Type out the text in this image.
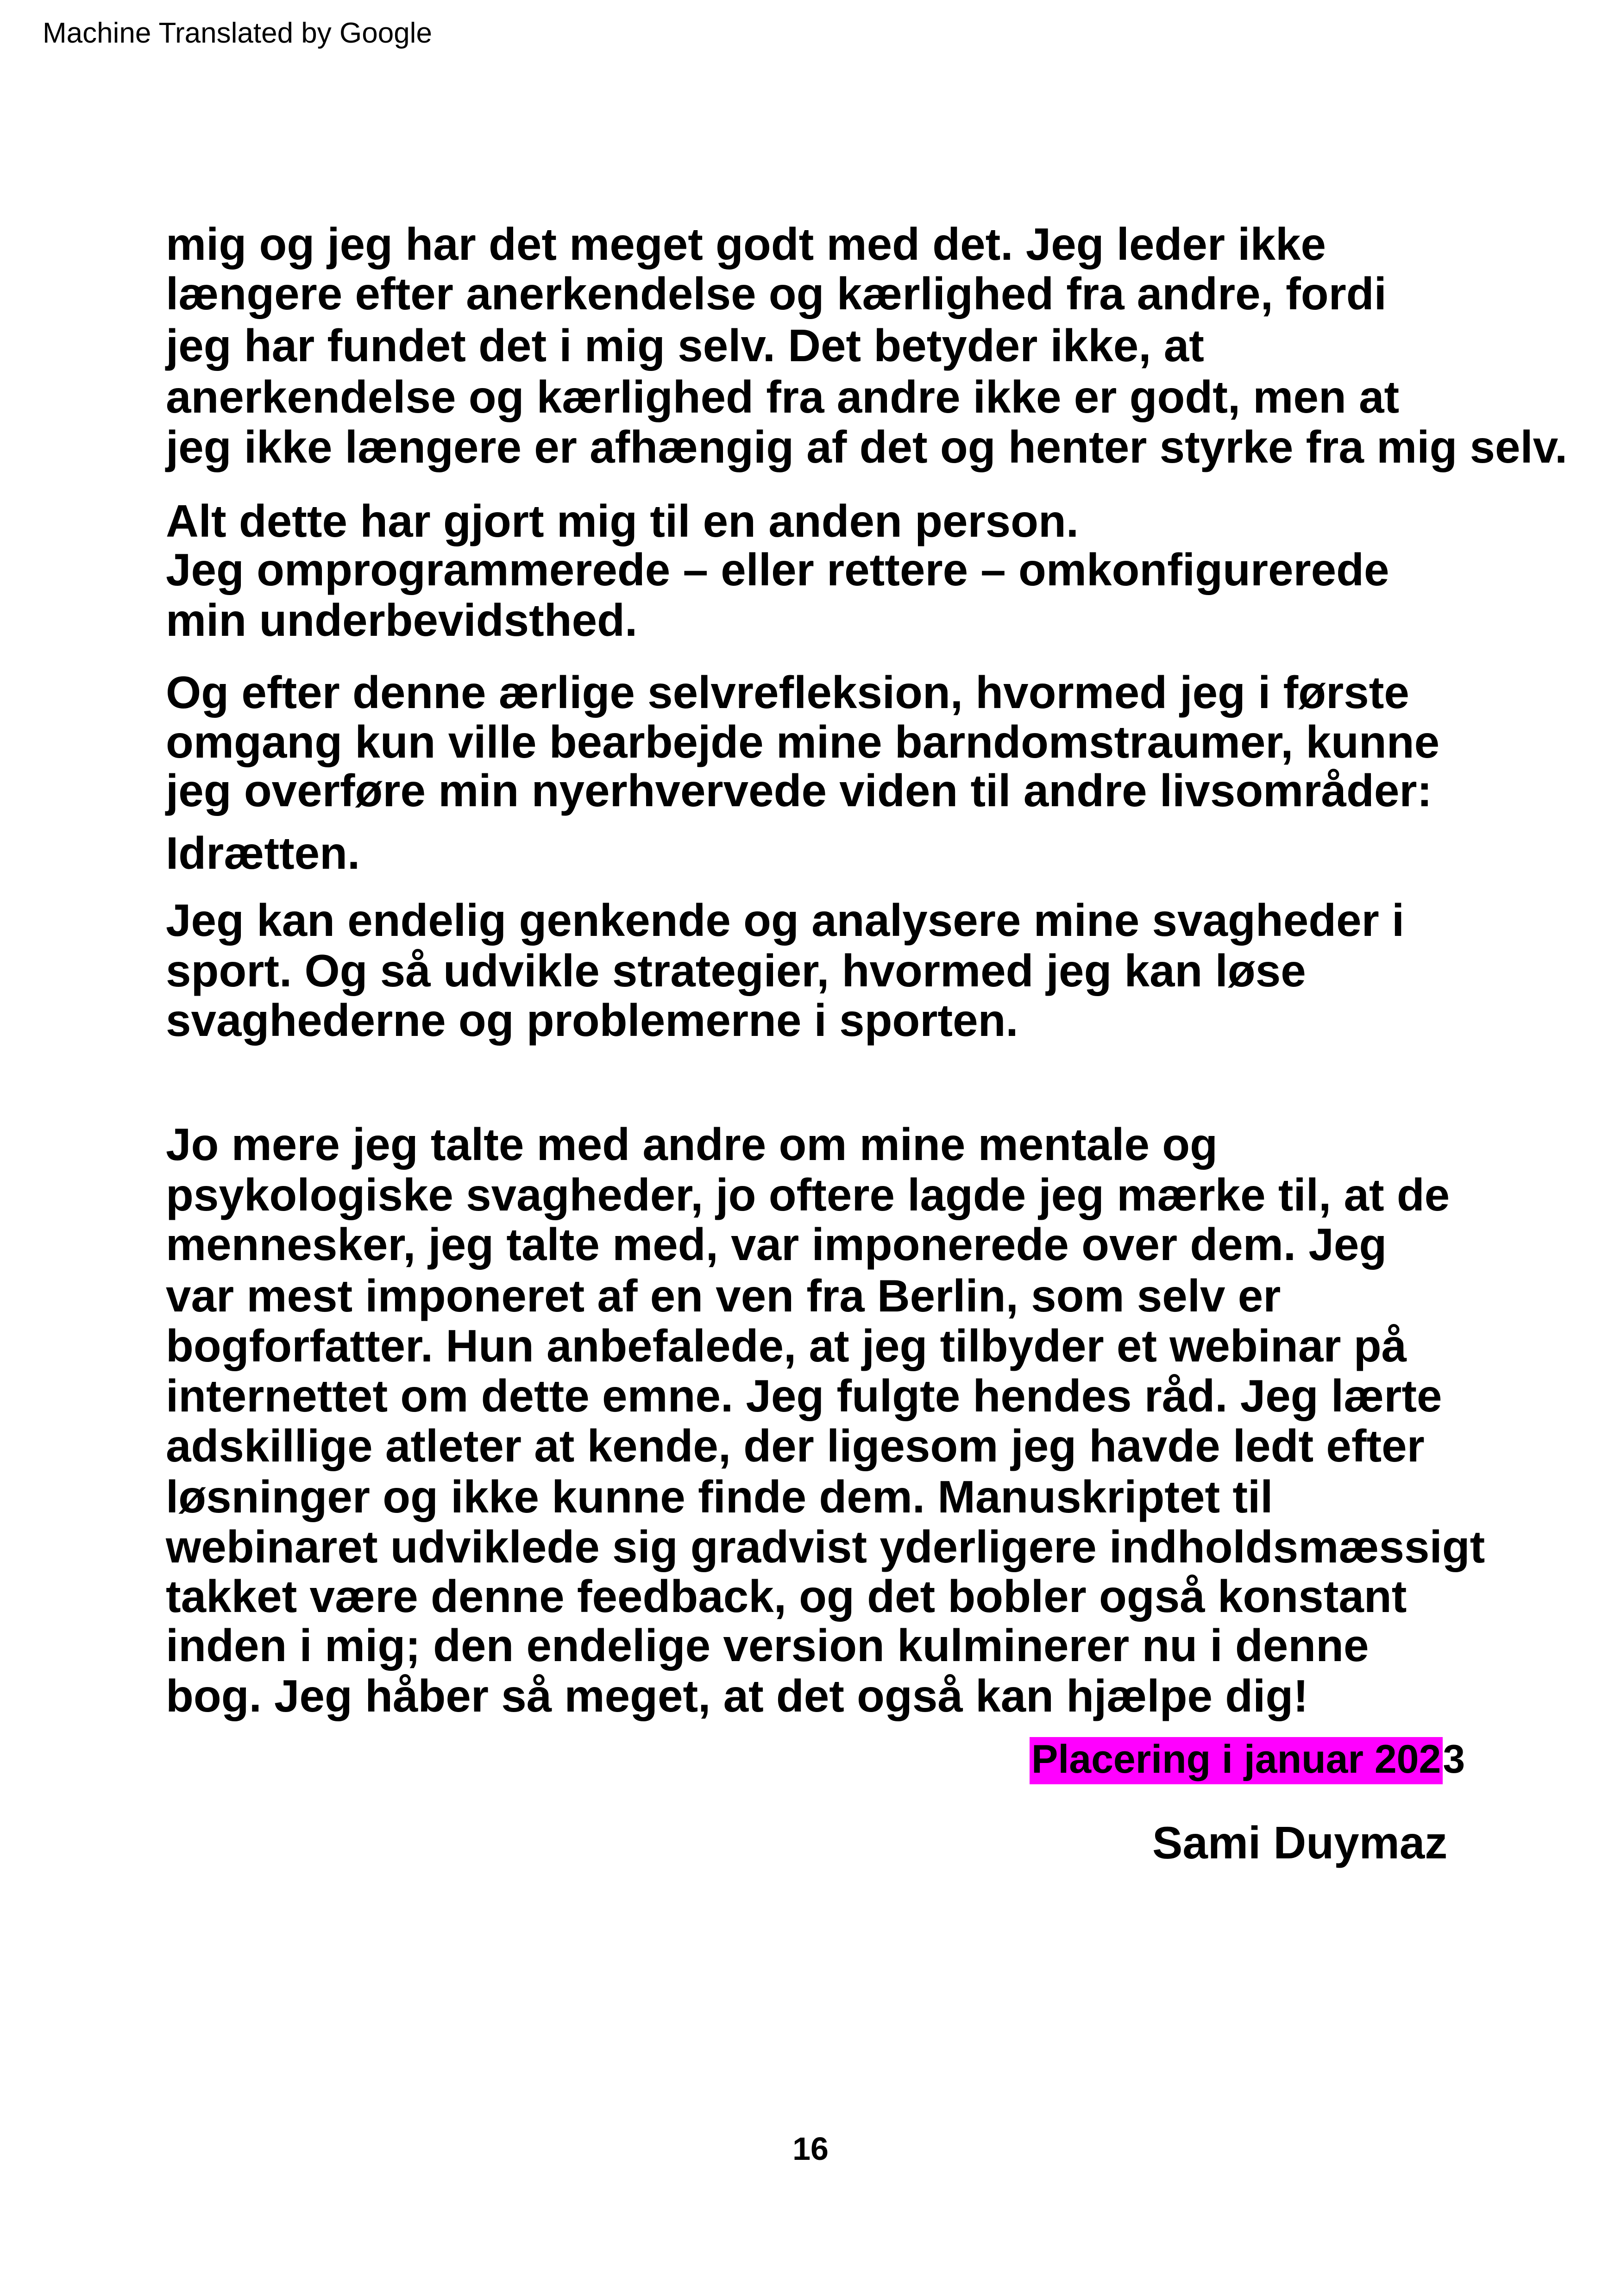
Machine Translated by Google
mig og jeg har det meget godt med det. Jeg leder ikke
længere efter anerkendelse og kærlighed fra andre, fordi
jeg har fundet det i mig selv. Det betyder ikke, at
anerkendelse og kærlighed fra andre ikke er godt, men at
jeg ikke længere er afhængig af det og henter styrke fra mig selv.
Alt dette har gjort mig til en anden person.
Jeg omprogrammerede – eller rettere – omkonfigurerede
min underbevidsthed.
Og efter denne ærlige selvrefleksion, hvormed jeg i første
omgang kun ville bearbejde mine barndomstraumer, kunne
jeg overføre min nyerhvervede viden til andre livsområder:
Idrætten.
Jeg kan endelig genkende og analysere mine svagheder i
sport. Og så udvikle strategier, hvormed jeg kan løse
svaghederne og problemerne i sporten.
Jo mere jeg talte med andre om mine mentale og
psykologiske svagheder, jo oftere lagde jeg mærke til, at de
mennesker, jeg talte med, var imponerede over dem. Jeg
var mest imponeret af en ven fra Berlin, som selv er
bogforfatter. Hun anbefalede, at jeg tilbyder et webinar på
internettet om dette emne. Jeg fulgte hendes råd. Jeg lærte
adskillige atleter at kende, der ligesom jeg havde ledt efter
løsninger og ikke kunne finde dem. Manuskriptet til
webinaret udviklede sig gradvist yderligere indholdsmæssigt
takket være denne feedback, og det bobler også konstant
inden i mig; den endelige version kulminerer nu i denne
bog. Jeg håber så meget, at det også kan hjælpe dig!
Placering i januar 2023
Sami Duymaz
16
